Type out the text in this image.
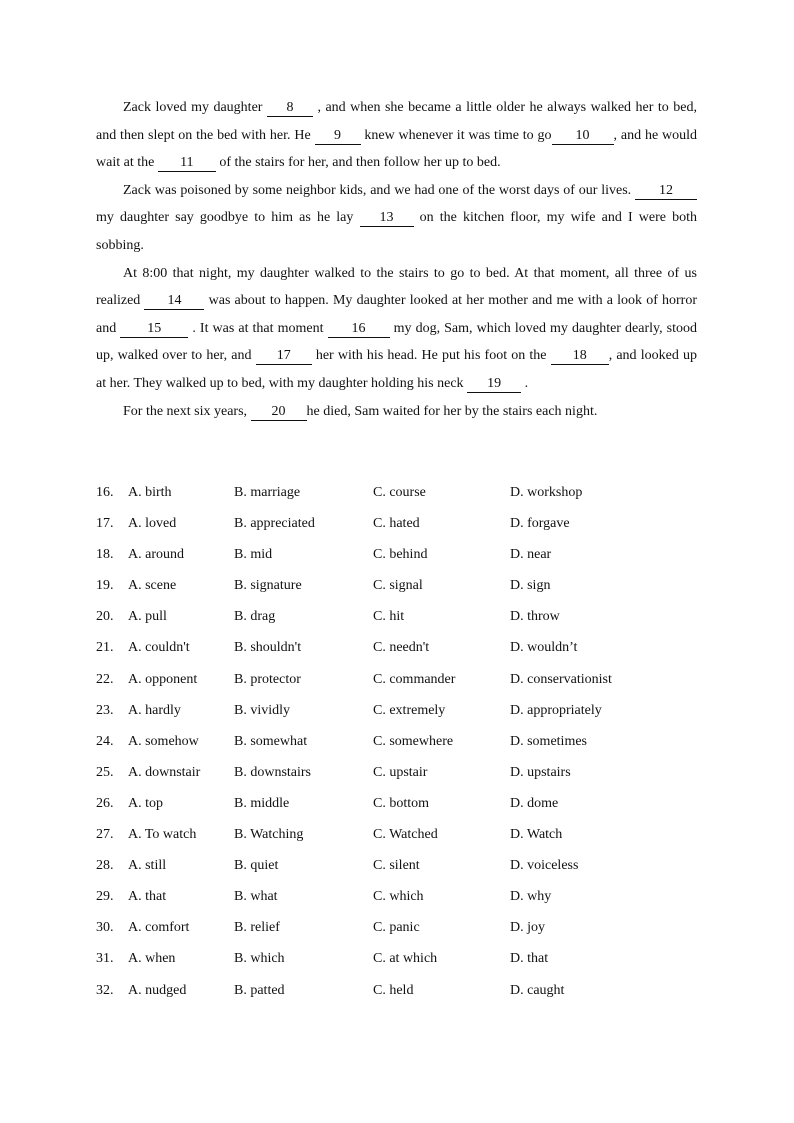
Zack loved my daughter 8 , and when she became a little older he always walked her to bed, and then slept on the bed with her. He 9 knew whenever it was time to go 10 , and he would wait at the 11 of the stairs for her, and then follow her up to bed.

Zack was poisoned by some neighbor kids, and we had one of the worst days of our lives. 12 my daughter say goodbye to him as he lay 13 on the kitchen floor, my wife and I were both sobbing.

At 8:00 that night, my daughter walked to the stairs to go to bed. At that moment, all three of us realized 14 was about to happen. My daughter looked at her mother and me with a look of horror and 15 . It was at that moment 16 my dog, Sam, which loved my daughter dearly, stood up, walked over to her, and 17 her with his head. He put his foot on the 18 , and looked up at her. They walked up to bed, with my daughter holding his neck 19 .

For the next six years, 20 he died, Sam waited for her by the stairs each night.

16. A. birth	B. marriage	C. course	D. workshop
17. A. loved	B. appreciated	C. hated	D. forgave
18. A. around	B. mid	C. behind	D. near
19. A. scene	B. signature	C. signal	D. sign
20. A. pull	B. drag	C. hit	D. throw
21. A. couldn't	B. shouldn't	C. needn't	D. wouldn’t
22. A. opponent	B. protector	C. commander	D. conservationist
23. A. hardly	B. vividly	C. extremely	D. appropriately
24. A. somehow	B. somewhat	C. somewhere	D. sometimes
25. A. downstair B. downstairs	C. upstair	D. upstairs
26. A. top	B. middle	C. bottom	D. dome
27. A. To watch	B. Watching	C. Watched	D. Watch
28. A. still	B. quiet	C. silent	D. voiceless
29. A. that	B. what	C. which	D. why
30. A. comfort	B. relief	C. panic	D. joy
31. A. when	B. which	C. at which	D. that
32. A. nudged	B. patted	C. held	D. caught
